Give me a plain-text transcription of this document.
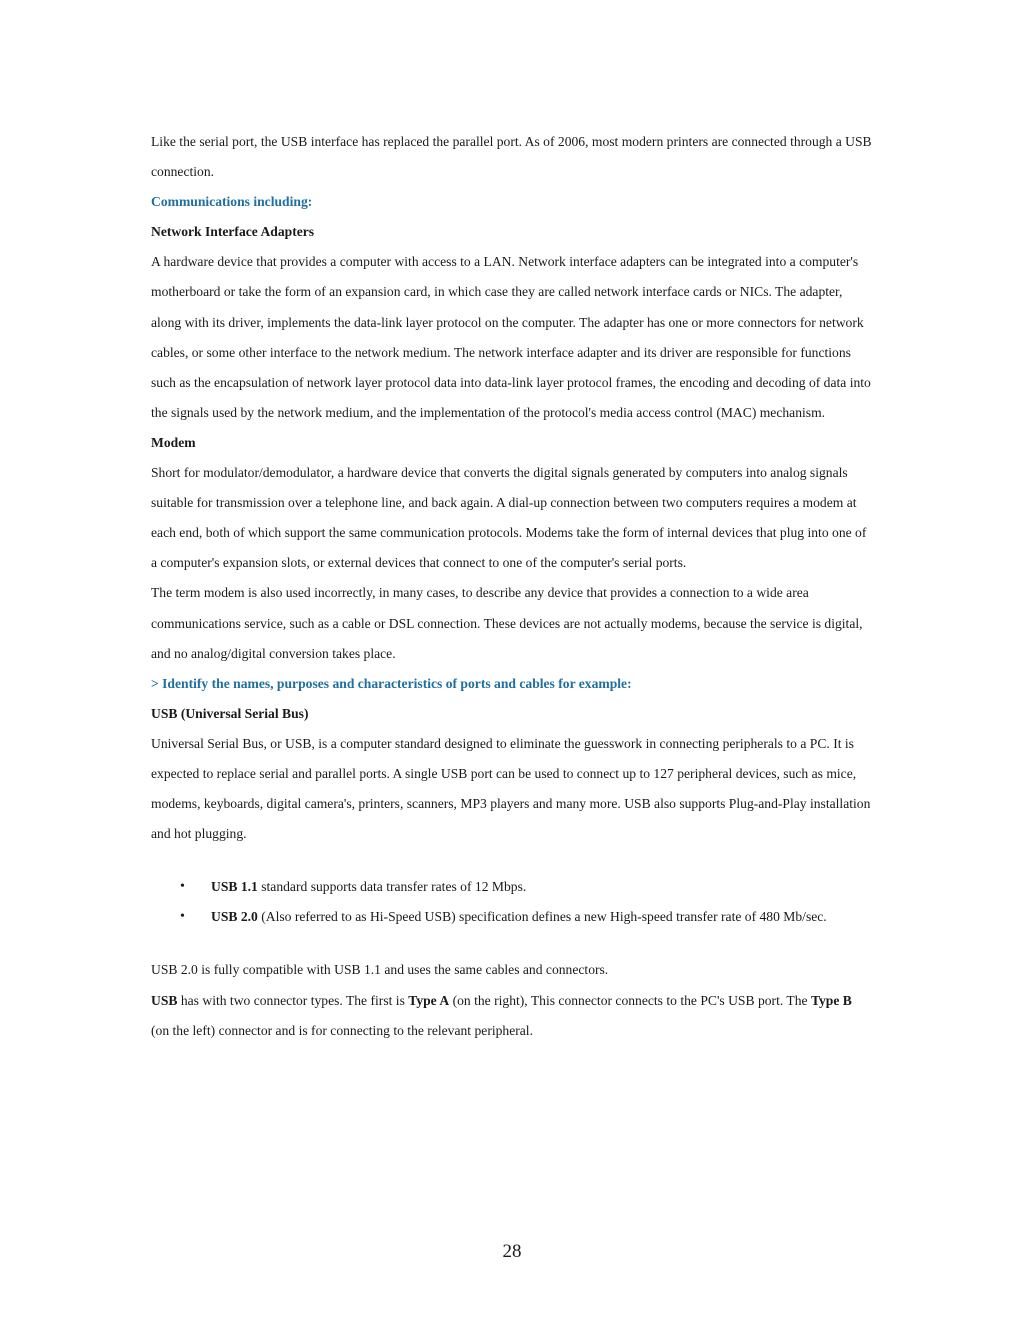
Like the serial port, the USB interface has replaced the parallel port. As of 2006, most modern printers are connected through a USB connection.

Communications including:

Network Interface Adapters

A hardware device that provides a computer with access to a LAN. Network interface adapters can be integrated into a computer's motherboard or take the form of an expansion card, in which case they are called network interface cards or NICs. The adapter, along with its driver, implements the data-link layer protocol on the computer. The adapter has one or more connectors for network cables, or some other interface to the network medium. The network interface adapter and its driver are responsible for functions such as the encapsulation of network layer protocol data into data-link layer protocol frames, the encoding and decoding of data into the signals used by the network medium, and the implementation of the protocol's media access control (MAC) mechanism.

Modem

Short for modulator/demodulator, a hardware device that converts the digital signals generated by computers into analog signals suitable for transmission over a telephone line, and back again. A dial-up connection between two computers requires a modem at each end, both of which support the same communication protocols. Modems take the form of internal devices that plug into one of a computer's expansion slots, or external devices that connect to one of the computer's serial ports.

The term modem is also used incorrectly, in many cases, to describe any device that provides a connection to a wide area communications service, such as a cable or DSL connection. These devices are not actually modems, because the service is digital, and no analog/digital conversion takes place.

> Identify the names, purposes and characteristics of ports and cables for example:

USB (Universal Serial Bus)

Universal Serial Bus, or USB, is a computer standard designed to eliminate the guesswork in connecting peripherals to a PC. It is expected to replace serial and parallel ports. A single USB port can be used to connect up to 127 peripheral devices, such as mice, modems, keyboards, digital camera's, printers, scanners, MP3 players and many more. USB also supports Plug-and-Play installation and hot plugging.

• USB 1.1 standard supports data transfer rates of 12 Mbps.
• USB 2.0 (Also referred to as Hi-Speed USB) specification defines a new High-speed transfer rate of 480 Mb/sec.

USB 2.0 is fully compatible with USB 1.1 and uses the same cables and connectors.

USB has with two connector types. The first is Type A (on the right), This connector connects to the PC's USB port. The Type B (on the left) connector and is for connecting to the relevant peripheral.

28
